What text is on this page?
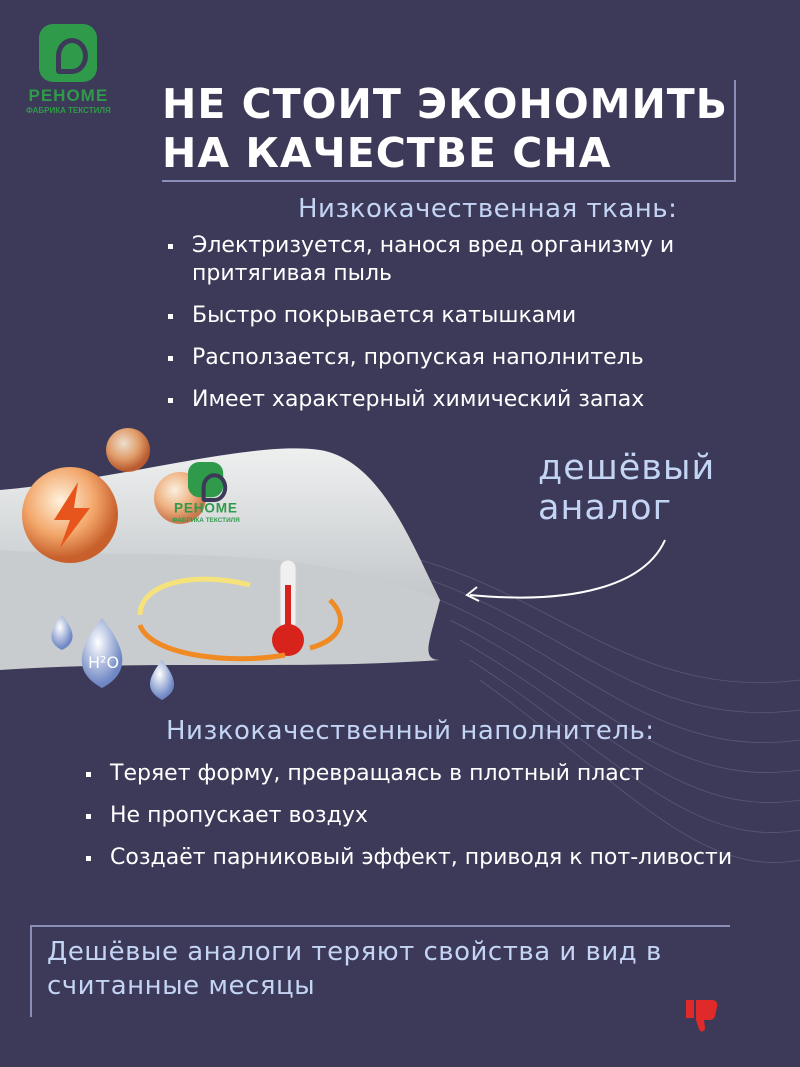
РЕНОМЕ
ФАБРИКА ТЕКСТИЛЯ НЕ СТОИТ ЭКОНОМИТЬ НА КАЧЕСТВЕ СНА
Низкокачественная ткань:
Электризуется, нанося вред организму и притягивая пыль
Быстро покрывается катышками
Расползается, пропуская наполнитель
Имеет характерный химический запах
H²O
РЕНОМЕ
ФАБРИКА ТЕКСТИЛЯ
дешёвый
аналог
Низкокачественный наполнитель:
Теряет форму, превращаясь в плотный пласт
Не пропускает воздух
Создаёт парниковый эффект, приводя к пот-ливости
Дешёвые аналоги теряют свойства и вид в считанные месяцы
